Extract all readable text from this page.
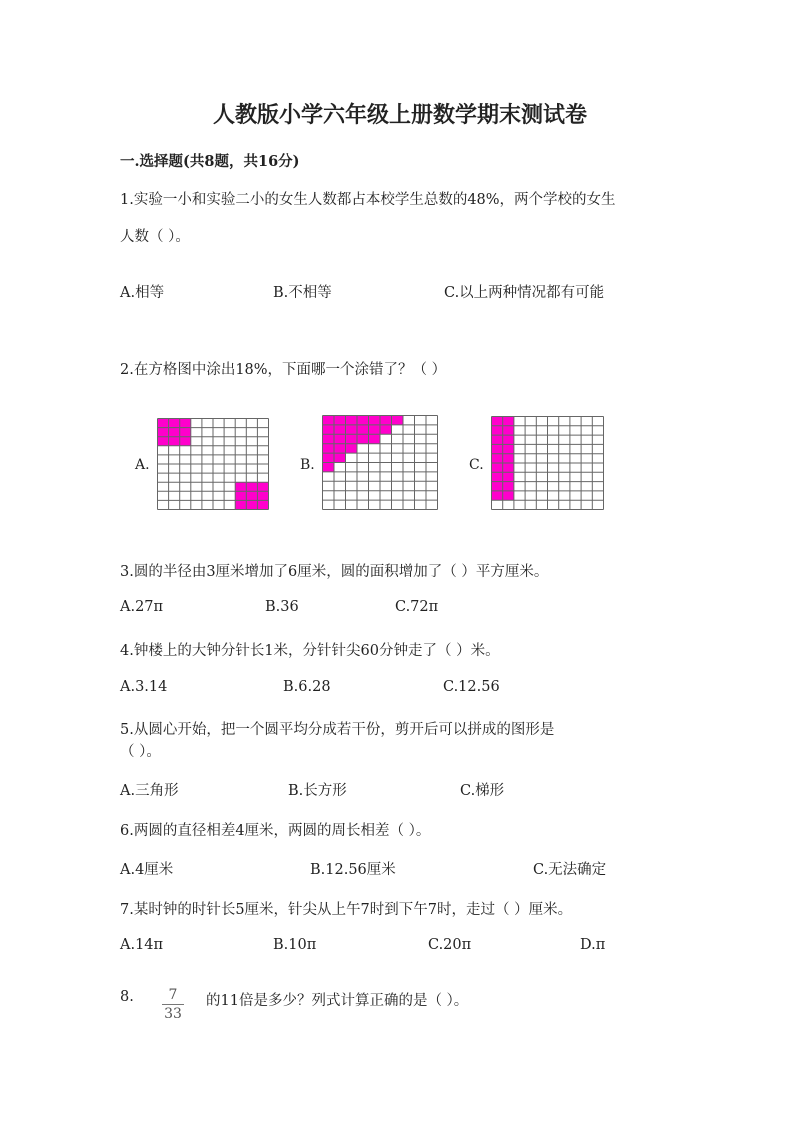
人教版小学六年级上册数学期末测试卷
一.选择题(共8题，共16分)
1.实验一小和实验二小的女生人数都占本校学生总数的48%，两个学校的女生
人数（ ）。
A.相等	B.不相等	C.以上两种情况都有可能
2.在方格图中涂出18%，下面哪一个涂错了？（ ）
A.	B.	C.
3.圆的半径由3厘米增加了6厘米，圆的面积增加了（ ）平方厘米。
A.27π	B.36	C.72π
4.钟楼上的大钟分针长1米，分针针尖60分钟走了（ ）米。
A.3.14	B.6.28	C.12.56
5.从圆心开始，把一个圆平均分成若干份，剪开后可以拼成的图形是
（ ）。
A.三角形	B.长方形	C.梯形
6.两圆的直径相差4厘米，两圆的周长相差（ ）。
A.4厘米	B.12.56厘米	C.无法确定
7.某时钟的时针长5厘米，针尖从上午7时到下午7时，走过（ ）厘米。
A.14π	B.10π	C.20π	D.π
8.	7
33
的11倍是多少？列式计算正确的是（ ）。
